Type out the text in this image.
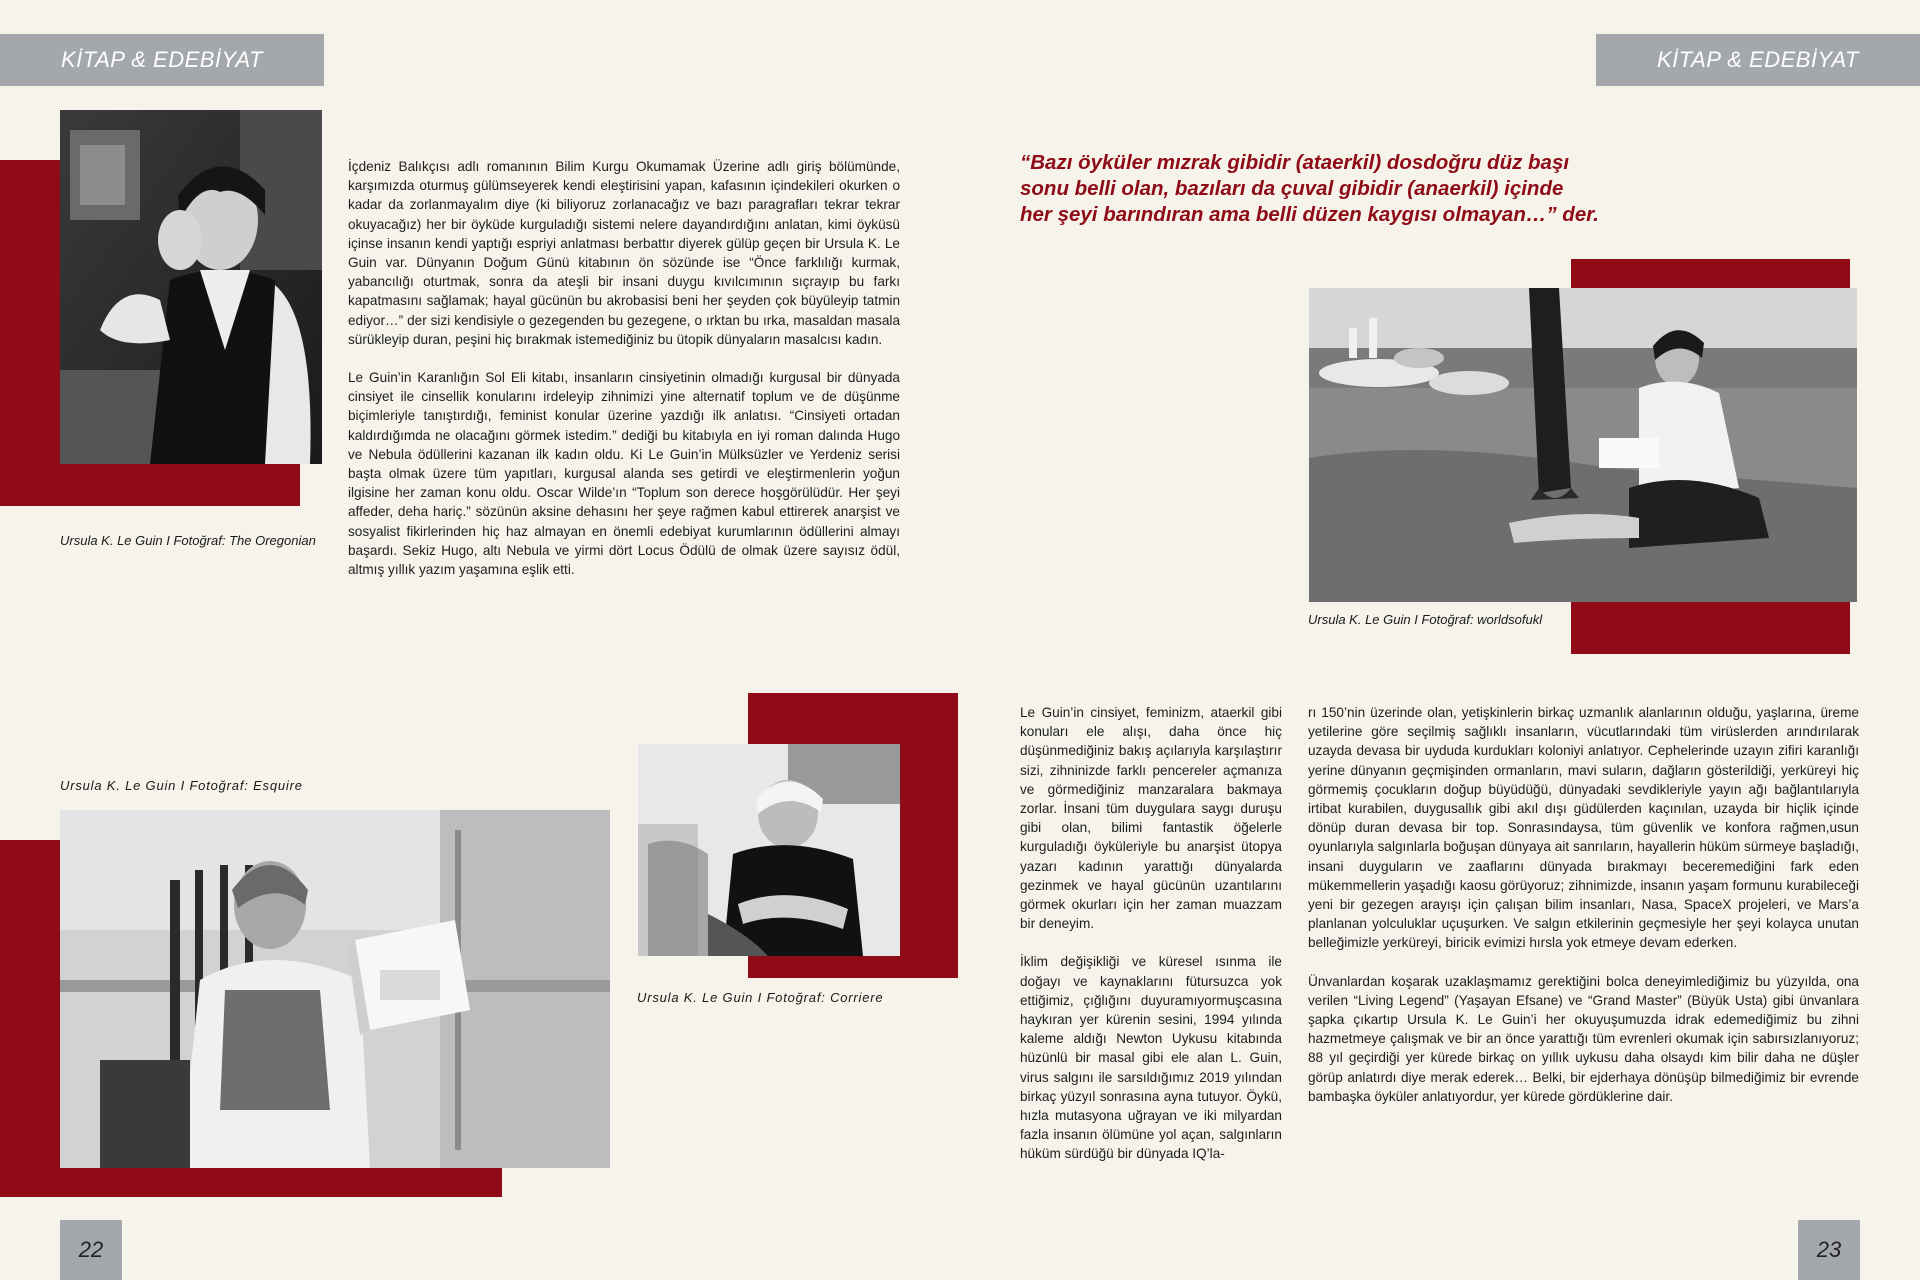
KİTAP & EDEBİYAT	KİTAP & EDEBİYAT
Ursula K. Le Guin I Fotoğraf: The Oregonian

İçdeniz Balıkçısı adlı romanının Bilim Kurgu Okumamak Üzerine adlı giriş bölümünde, karşımızda oturmuş gülümseyerek kendi eleştirisini yapan, kafasının içindekileri okurken o kadar da zorlanmayalım diye (ki biliyoruz zorlanacağız ve bazı paragrafları tekrar tekrar okuyacağız) her bir öyküde kurguladığı sistemi nelere dayandırdığını anlatan, kimi öyküsü içinse insanın kendi yaptığı espriyi anlatması berbattır diyerek gülüp geçen bir Ursula K. Le Guin var. Dünyanın Doğum Günü kitabının ön sözünde ise “Önce farklılığı kurmak, yabancılığı oturtmak, sonra da ateşli bir insani duygu kıvılcımının sıçrayıp bu farkı kapatmasını sağlamak; hayal gücünün bu akrobasisi beni her şeyden çok büyüleyip tatmin ediyor…” der sizi kendisiyle o gezegenden bu gezegene, o ırktan bu ırka, masaldan masala sürükleyip duran, peşini hiç bırakmak istemediğiniz bu ütopik dünyaların masalcısı kadın.

Le Guin’in Karanlığın Sol Eli kitabı, insanların cinsiyetinin olmadığı kurgusal bir dünyada cinsiyet ile cinsellik konularını irdeleyip zihnimizi yine alternatif toplum ve de düşünme biçimleriyle tanıştırdığı, feminist konular üzerine yazdığı ilk anlatısı. “Cinsiyeti ortadan kaldırdığımda ne olacağını görmek istedim.” dediği bu kitabıyla en iyi roman dalında Hugo ve Nebula ödüllerini kazanan ilk kadın oldu. Ki Le Guin’in Mülksüzler ve Yerdeniz serisi başta olmak üzere tüm yapıtları, kurgusal alanda ses getirdi ve eleştirmenlerin yoğun ilgisine her zaman konu oldu. Oscar Wilde’ın “Toplum son derece hoşgörülüdür. Her şeyi affeder, deha hariç.” sözünün aksine dehasını her şeye rağmen kabul ettirerek anarşist ve sosyalist fikirlerinden hiç haz almayan en önemli edebiyat kurumlarının ödüllerini almayı başardı. Sekiz Hugo, altı Nebula ve yirmi dört Locus Ödülü de olmak üzere sayısız ödül, altmış yıllık yazım yaşamına eşlik etti.

Ursula K. Le Guin I Fotoğraf: Esquire
Ursula K. Le Guin I Fotoğraf: Corriere
22
“Bazı öyküler mızrak gibidir (ataerkil) dosdoğru düz başı sonu belli olan, bazıları da çuval gibidir (anaerkil) içinde her şeyi barındıran ama belli düzen kaygısı olmayan…” der.
Ursula K. Le Guin I Fotoğraf: worldsofukl

Le Guin’in cinsiyet, feminizm, ataerkil gibi konuları ele alışı, daha önce hiç düşünmediğiniz bakış açılarıyla karşılaştırır sizi, zihninizde farklı pencereler açmanıza ve görmediğiniz manzaralara bakmaya zorlar. İnsani tüm duygulara saygı duruşu gibi olan, bilimi fantastik öğelerle kurguladığı öyküleriyle bu anarşist ütopya yazarı kadının yarattığı dünyalarda gezinmek ve hayal gücünün uzantılarını görmek okurları için her zaman muazzam bir deneyim.

İklim değişikliği ve küresel ısınma ile doğayı ve kaynaklarını fütursuzca yok ettiğimiz, çığlığını duyuramıyormuşcasına haykıran yer kürenin sesini, 1994 yılında kaleme aldığı Newton Uykusu kitabında hüzünlü bir masal gibi ele alan L. Guin, virus salgını ile sarsıldığımız 2019 yılından birkaç yüzyıl sonrasına ayna tutuyor. Öykü, hızla mutasyona uğrayan ve iki milyardan fazla insanın ölümüne yol açan, salgınların hüküm sürdüğü bir dünyada IQ’la-

rı 150’nin üzerinde olan, yetişkinlerin birkaç uzmanlık alanlarının olduğu, yaşlarına, üreme yetilerine göre seçilmiş sağlıklı insanların, vücutlarındaki tüm virüslerden arındırılarak uzayda devasa bir uyduda kurdukları koloniyi anlatıyor. Cephelerinde uzayın zifiri karanlığı yerine dünyanın geçmişinden ormanların, mavi suların, dağların gösterildiği, yerküreyi hiç görmemiş çocukların doğup büyüdüğü, dünyadaki sevdikleriyle yayın ağı bağlantılarıyla irtibat kurabilen, duygusallık gibi akıl dışı güdülerden kaçınılan, uzayda bir hiçlik içinde dönüp duran devasa bir top. Sonrasındaysa, tüm güvenlik ve konfora rağmen,usun oyunlarıyla salgınlarla boğuşan dünyaya ait sanrıların, hayallerin hüküm sürmeye başladığı, insani duyguların ve zaaflarını dünyada bırakmayı beceremediğini fark eden mükemmellerin yaşadığı kaosu görüyoruz; zihnimizde, insanın yaşam formunu kurabileceği yeni bir gezegen arayışı için çalışan bilim insanları, Nasa, SpaceX projeleri, ve Mars’a planlanan yolculuklar uçuşurken. Ve salgın etkilerinin geçmesiyle her şeyi kolayca unutan belleğimizle yerküreyi, biricik evimizi hırsla yok etmeye devam ederken.

Ünvanlardan koşarak uzaklaşmamız gerektiğini bolca deneyimlediğimiz bu yüzyılda, ona verilen “Living Legend” (Yaşayan Efsane) ve “Grand Master” (Büyük Usta) gibi ünvanlara şapka çıkartıp Ursula K. Le Guin’i her okuyuşumuzda idrak edemediğimiz bu zihni hazmetmeye çalışmak ve bir an önce yarattığı tüm evrenleri okumak için sabırsızlanıyoruz; 88 yıl geçirdiği yer kürede birkaç on yıllık uykusu daha olsaydı kim bilir daha ne düşler görüp anlatırdı diye merak ederek… Belki, bir ejderhaya dönüşüp bilmediğimiz bir evrende bambaşka öyküler anlatıyordur, yer kürede gördüklerine dair.

23
